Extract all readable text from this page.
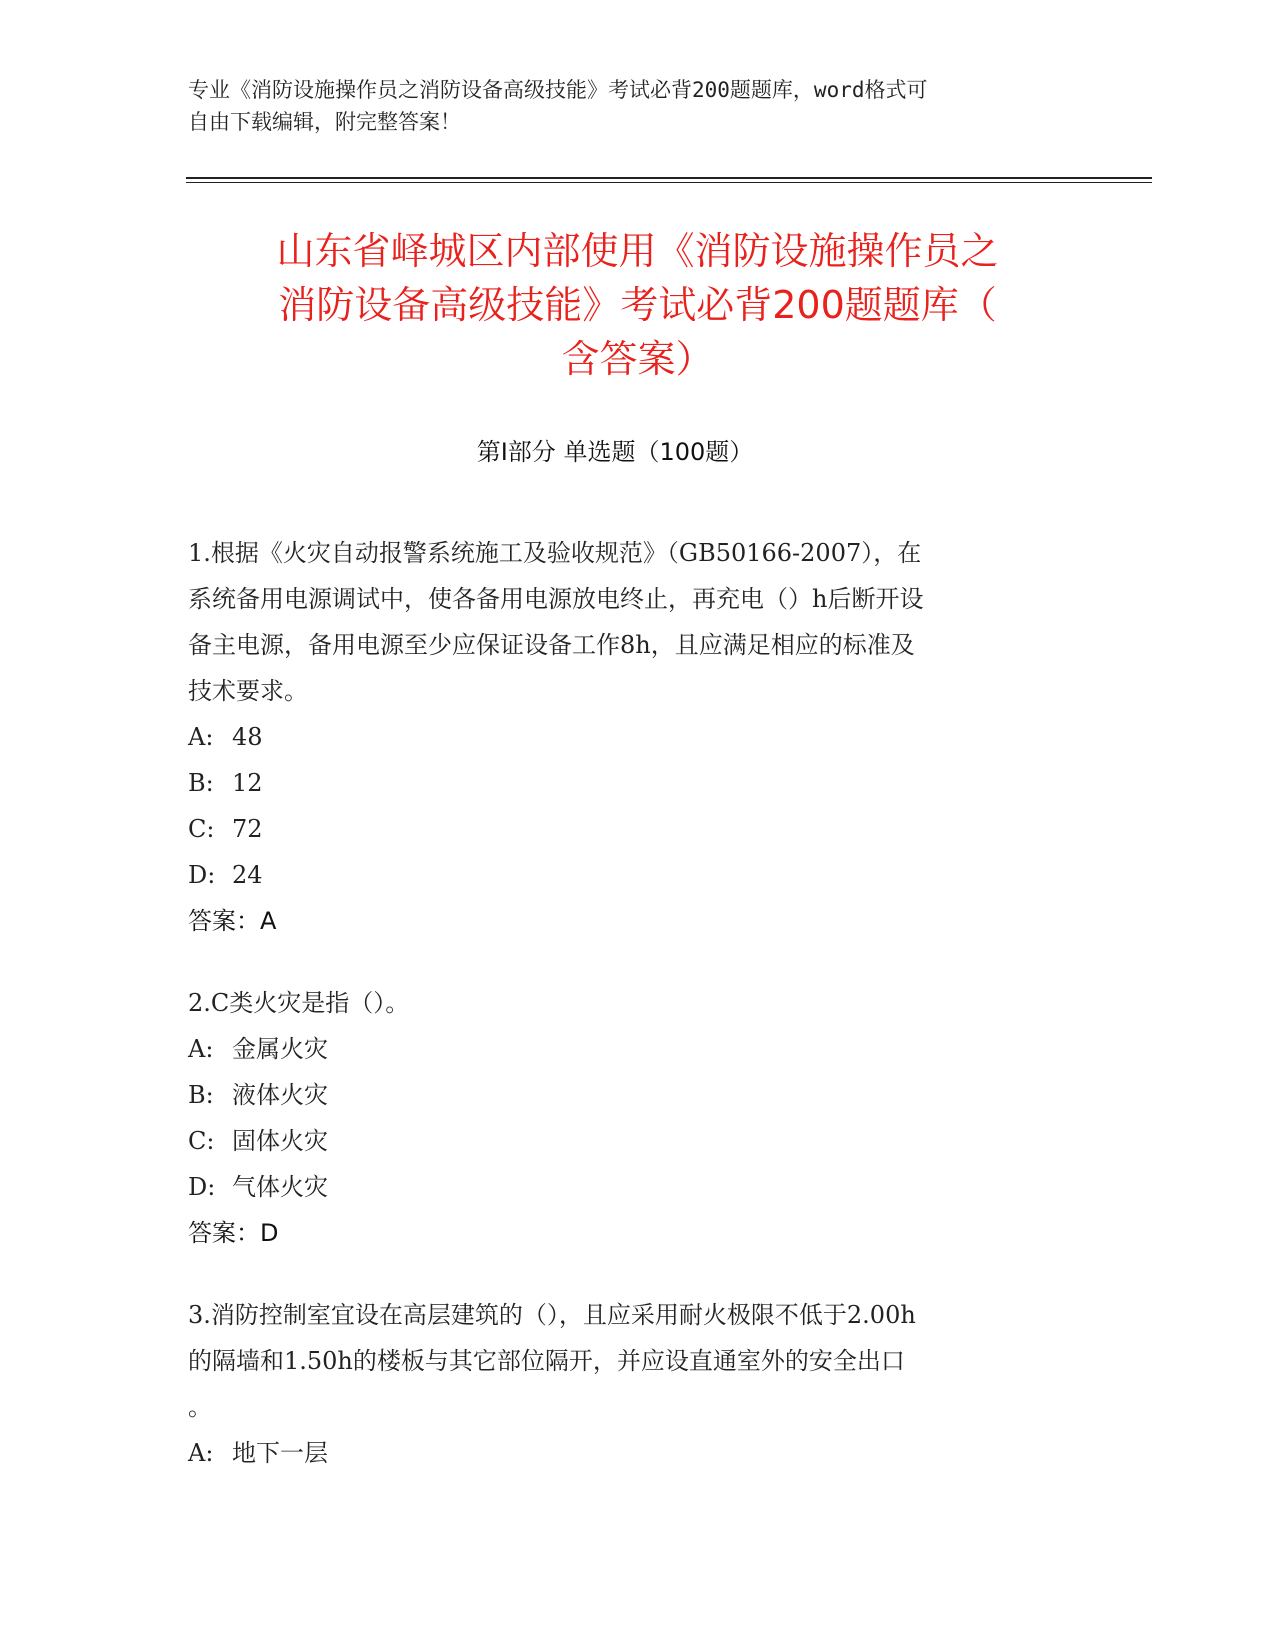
专业《消防设施操作员之消防设备高级技能》考试必背200题题库，word格式可
自由下载编辑，附完整答案！
山东省峄城区内部使用《消防设施操作员之
消防设备高级技能》考试必背200题题库（
含答案）
第Ⅰ部分 单选题（100题）

1.根据《火灾自动报警系统施工及验收规范》（GB50166-2007），在

系统备用电源调试中，使各备用电源放电终止，再充电（）h后断开设

备主电源，备用电源至少应保证设备工作8h，且应满足相应的标准及

技术要求。

A: 48

B: 12

C: 72

D: 24

答案：A

2.C类火灾是指（）。

A: 金属火灾

B: 液体火灾

C: 固体火灾

D: 气体火灾

答案：D

3.消防控制室宜设在高层建筑的（），且应采用耐火极限不低于2.00h

的隔墙和1.50h的楼板与其它部位隔开，并应设直通室外的安全出口

。

A: 地下一层
